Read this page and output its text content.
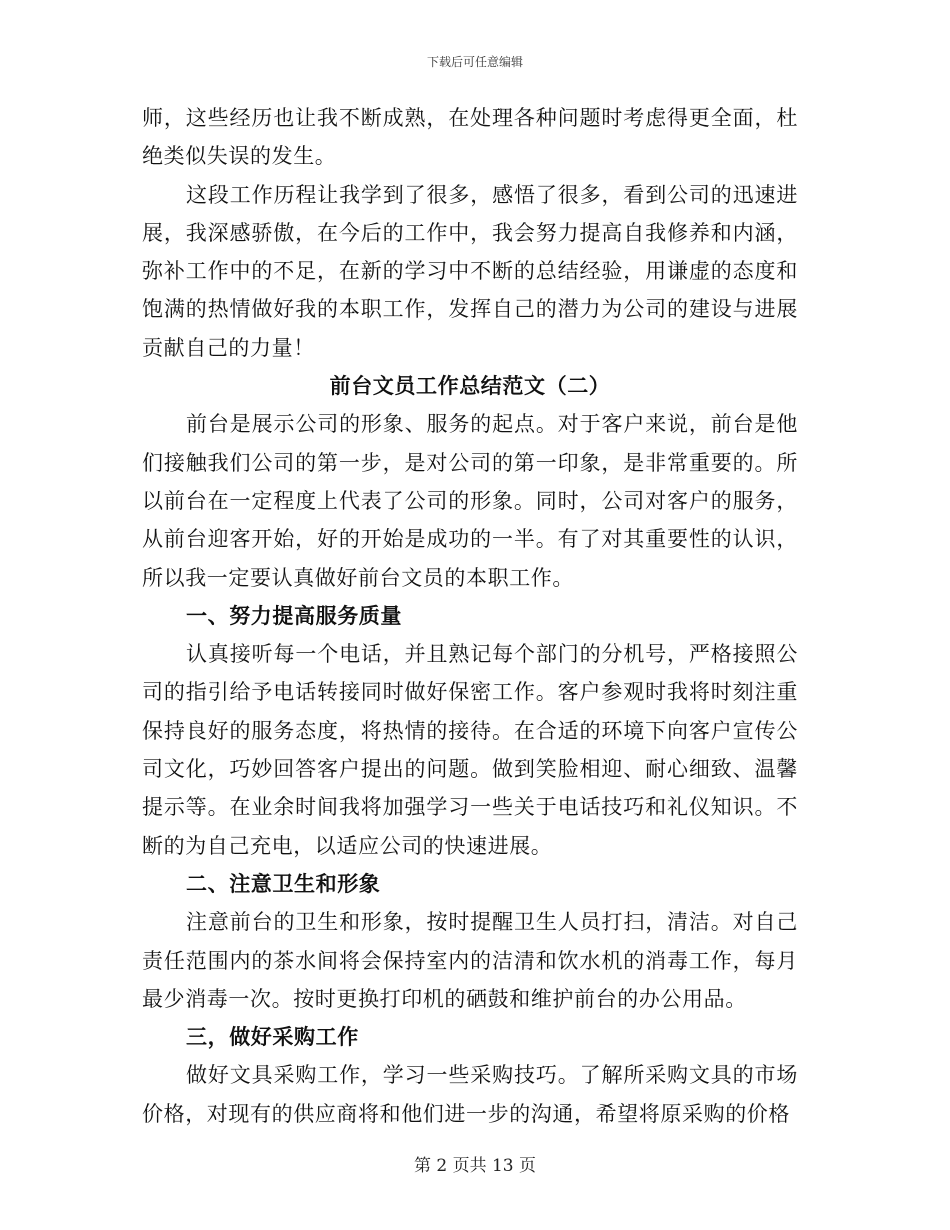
下载后可任意编辑

师，这些经历也让我不断成熟，在处理各种问题时考虑得更全面，杜绝类似失误的发生。

这段工作历程让我学到了很多，感悟了很多，看到公司的迅速进展，我深感骄傲，在今后的工作中，我会努力提高自我修养和内涵，弥补工作中的不足，在新的学习中不断的总结经验，用谦虚的态度和饱满的热情做好我的本职工作，发挥自己的潜力为公司的建设与进展贡献自己的力量！

前台文员工作总结范文（二）

前台是展示公司的形象、服务的起点。对于客户来说，前台是他们接触我们公司的第一步，是对公司的第一印象，是非常重要的。所以前台在一定程度上代表了公司的形象。同时，公司对客户的服务，从前台迎客开始，好的开始是成功的一半。有了对其重要性的认识，所以我一定要认真做好前台文员的本职工作。

一、努力提高服务质量

认真接听每一个电话，并且熟记每个部门的分机号，严格接照公司的指引给予电话转接同时做好保密工作。客户参观时我将时刻注重保持良好的服务态度，将热情的接待。在合适的环境下向客户宣传公司文化，巧妙回答客户提出的问题。做到笑脸相迎、耐心细致、温馨提示等。在业余时间我将加强学习一些关于电话技巧和礼仪知识。不断的为自己充电，以适应公司的快速进展。

二、注意卫生和形象

注意前台的卫生和形象，按时提醒卫生人员打扫，清洁。对自己责任范围内的茶水间将会保持室内的洁清和饮水机的消毒工作，每月最少消毒一次。按时更换打印机的硒鼓和维护前台的办公用品。

三，做好采购工作

做好文具采购工作，学习一些采购技巧。了解所采购文具的市场价格，对现有的供应商将和他们进一步的沟通，希望将原采购的价格

第 2 页共 13 页
